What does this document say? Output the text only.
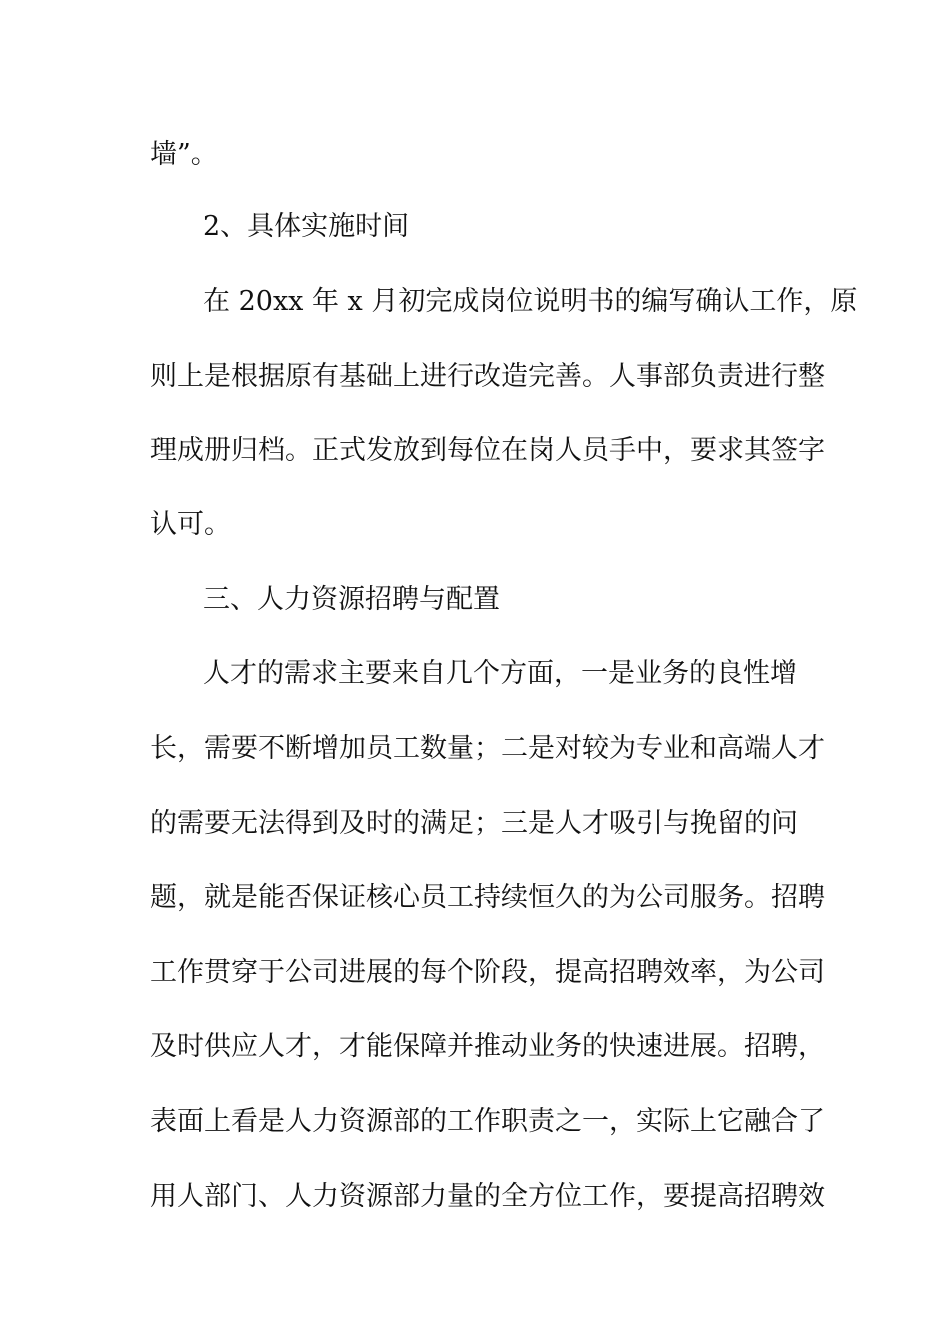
墙”。
2、具体实施时间
在 20xx 年 x 月初完成岗位说明书的编写确认工作，原
则上是根据原有基础上进行改造完善。人事部负责进行整
理成册归档。正式发放到每位在岗人员手中，要求其签字
认可。
三、人力资源招聘与配置
人才的需求主要来自几个方面，一是业务的良性增
长，需要不断增加员工数量；二是对较为专业和高端人才
的需要无法得到及时的满足；三是人才吸引与挽留的问
题，就是能否保证核心员工持续恒久的为公司服务。招聘
工作贯穿于公司进展的每个阶段，提高招聘效率，为公司
及时供应人才，才能保障并推动业务的快速进展。招聘，
表面上看是人力资源部的工作职责之一，实际上它融合了
用人部门、人力资源部力量的全方位工作，要提高招聘效
